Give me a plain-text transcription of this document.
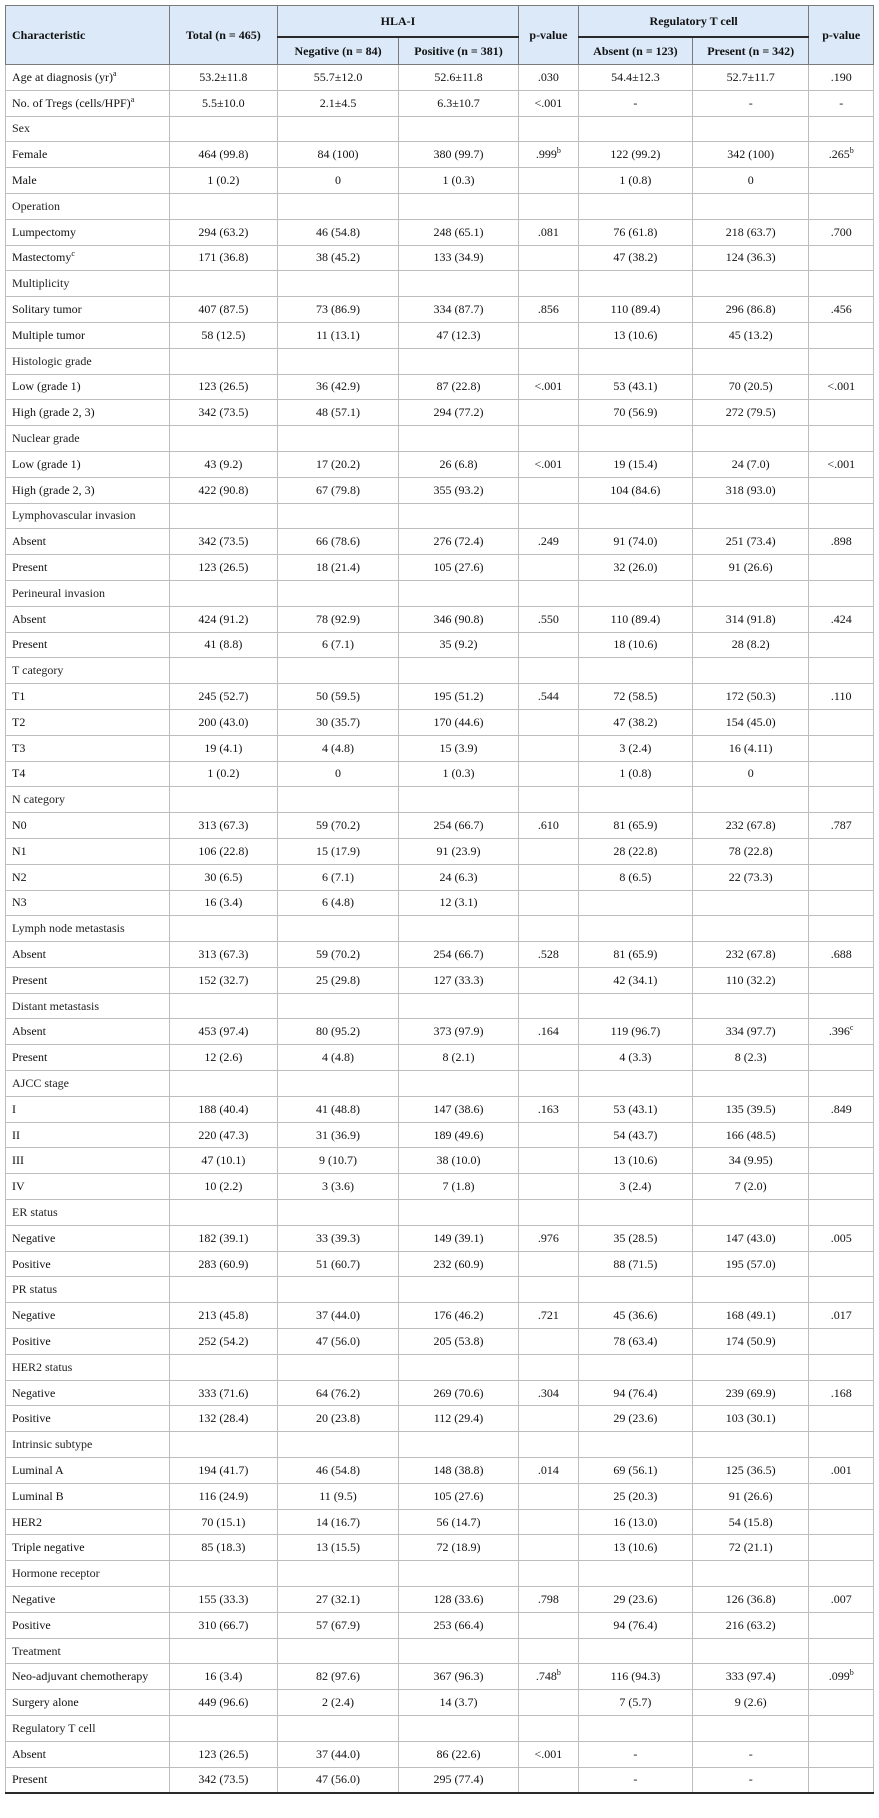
Characteristic	Total (n = 465)	HLA-I		p-value	Regulatory T cell		p-value
		Negative (n = 84)	Positive (n = 381)		Absent (n = 123)	Present (n = 342)	
Age at diagnosis (yr)$^a$	53.2±11.8	55.7±12.0	52.6±11.8	.030	54.4±12.3	52.7±11.7	.190
No. of Tregs (cells/HPF)$^a$	5.5±10.0	2.1±4.5	6.3±10.7	<.001	-	-	-
Sex							
Female	464 (99.8)	84 (100)	380 (99.7)	.999$^b$	122 (99.2)	342 (100)	.265$^b$
Male	1 (0.2)	0	1 (0.3)		1 (0.8)	0	
Operation							
Lumpectomy	294 (63.2)	46 (54.8)	248 (65.1)	.081	76 (61.8)	218 (63.7)	.700
Mastectomy$^c$	171 (36.8)	38 (45.2)	133 (34.9)		47 (38.2)	124 (36.3)	
Multiplicity							
Solitary tumor	407 (87.5)	73 (86.9)	334 (87.7)	.856	110 (89.4)	296 (86.8)	.456
Multiple tumor	58 (12.5)	11 (13.1)	47 (12.3)		13 (10.6)	45 (13.2)	
Histologic grade							
Low (grade 1)	123 (26.5)	36 (42.9)	87 (22.8)	<.001	53 (43.1)	70 (20.5)	<.001
High (grade 2, 3)	342 (73.5)	48 (57.1)	294 (77.2)		70 (56.9)	272 (79.5)	
Nuclear grade							
Low (grade 1)	43 (9.2)	17 (20.2)	26 (6.8)	<.001	19 (15.4)	24 (7.0)	<.001
High (grade 2, 3)	422 (90.8)	67 (79.8)	355 (93.2)		104 (84.6)	318 (93.0)	
Lymphovascular invasion							
Absent	342 (73.5)	66 (78.6)	276 (72.4)	.249	91 (74.0)	251 (73.4)	.898
Present	123 (26.5)	18 (21.4)	105 (27.6)		32 (26.0)	91 (26.6)	
Perineural invasion							
Absent	424 (91.2)	78 (92.9)	346 (90.8)	.550	110 (89.4)	314 (91.8)	.424
Present	41 (8.8)	6 (7.1)	35 (9.2)		18 (10.6)	28 (8.2)	
T category							
T1	245 (52.7)	50 (59.5)	195 (51.2)	.544	72 (58.5)	172 (50.3)	.110
T2	200 (43.0)	30 (35.7)	170 (44.6)		47 (38.2)	154 (45.0)	
T3	19 (4.1)	4 (4.8)	15 (3.9)		3 (2.4)	16 (4.11)	
T4	1 (0.2)	0	1 (0.3)		1 (0.8)	0	
N category							
N0	313 (67.3)	59 (70.2)	254 (66.7)	.610	81 (65.9)	232 (67.8)	.787
N1	106 (22.8)	15 (17.9)	91 (23.9)		28 (22.8)	78 (22.8)	
N2	30 (6.5)	6 (7.1)	24 (6.3)		8 (6.5)	22 (73.3)	
N3	16 (3.4)	6 (4.8)	12 (3.1)				
Lymph node metastasis							
Absent	313 (67.3)	59 (70.2)	254 (66.7)	.528	81 (65.9)	232 (67.8)	.688
Present	152 (32.7)	25 (29.8)	127 (33.3)		42 (34.1)	110 (32.2)	
Distant metastasis							
Absent	453 (97.4)	80 (95.2)	373 (97.9)	.164	119 (96.7)	334 (97.7)	.396$^c$
Present	12 (2.6)	4 (4.8)	8 (2.1)		4 (3.3)	8 (2.3)	
AJCC stage							
I	188 (40.4)	41 (48.8)	147 (38.6)	.163	53 (43.1)	135 (39.5)	.849
II	220 (47.3)	31 (36.9)	189 (49.6)		54 (43.7)	166 (48.5)	
III	47 (10.1)	9 (10.7)	38 (10.0)		13 (10.6)	34 (9.95)	
IV	10 (2.2)	3 (3.6)	7 (1.8)		3 (2.4)	7 (2.0)	
ER status							
Negative	182 (39.1)	33 (39.3)	149 (39.1)	.976	35 (28.5)	147 (43.0)	.005
Positive	283 (60.9)	51 (60.7)	232 (60.9)		88 (71.5)	195 (57.0)	
PR status							
Negative	213 (45.8)	37 (44.0)	176 (46.2)	.721	45 (36.6)	168 (49.1)	.017
Positive	252 (54.2)	47 (56.0)	205 (53.8)		78 (63.4)	174 (50.9)	
HER2 status							
Negative	333 (71.6)	64 (76.2)	269 (70.6)	.304	94 (76.4)	239 (69.9)	.168
Positive	132 (28.4)	20 (23.8)	112 (29.4)		29 (23.6)	103 (30.1)	
Intrinsic subtype							
Luminal A	194 (41.7)	46 (54.8)	148 (38.8)	.014	69 (56.1)	125 (36.5)	.001
Luminal B	116 (24.9)	11 (9.5)	105 (27.6)		25 (20.3)	91 (26.6)	
HER2	70 (15.1)	14 (16.7)	56 (14.7)		16 (13.0)	54 (15.8)	
Triple negative	85 (18.3)	13 (15.5)	72 (18.9)		13 (10.6)	72 (21.1)	
Hormone receptor							
Negative	155 (33.3)	27 (32.1)	128 (33.6)	.798	29 (23.6)	126 (36.8)	.007
Positive	310 (66.7)	57 (67.9)	253 (66.4)		94 (76.4)	216 (63.2)	
Treatment							
Neo-adjuvant chemotherapy	16 (3.4)	82 (97.6)	367 (96.3)	.748$^b$	116 (94.3)	333 (97.4)	.099$^b$
Surgery alone	449 (96.6)	2 (2.4)	14 (3.7)		7 (5.7)	9 (2.6)	
Regulatory T cell							
Absent	123 (26.5)	37 (44.0)	86 (22.6)	<.001	-	-	
Present	342 (73.5)	47 (56.0)	295 (77.4)		-	-	
